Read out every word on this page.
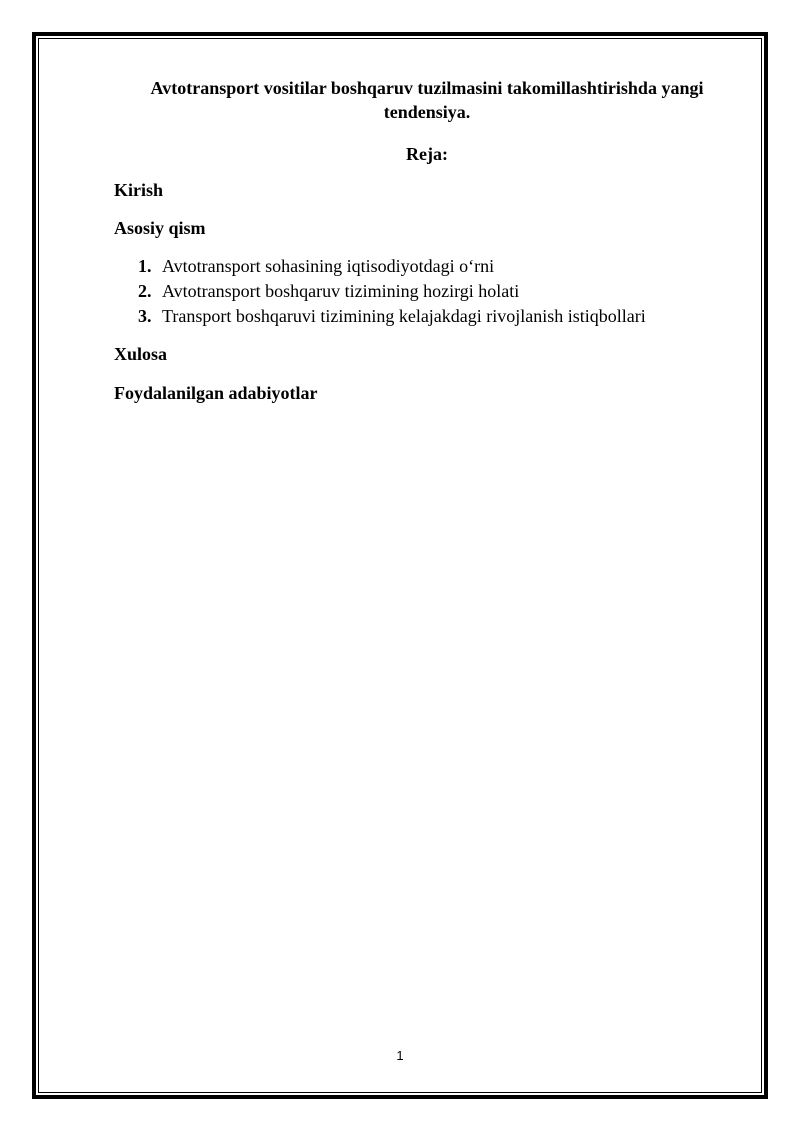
Avtotransport vositilar boshqaruv tuzilmasini takomillashtirishda yangi tendensiya.
Reja:
Kirish
Asosiy qism
1. Avtotransport sohasining iqtisodiyotdagi o‘rni
2. Avtotransport boshqaruv tizimining hozirgi holati
3. Transport boshqaruvi tizimining kelajakdagi rivojlanish istiqbollari
Xulosa
Foydalanilgan adabiyotlar
1
